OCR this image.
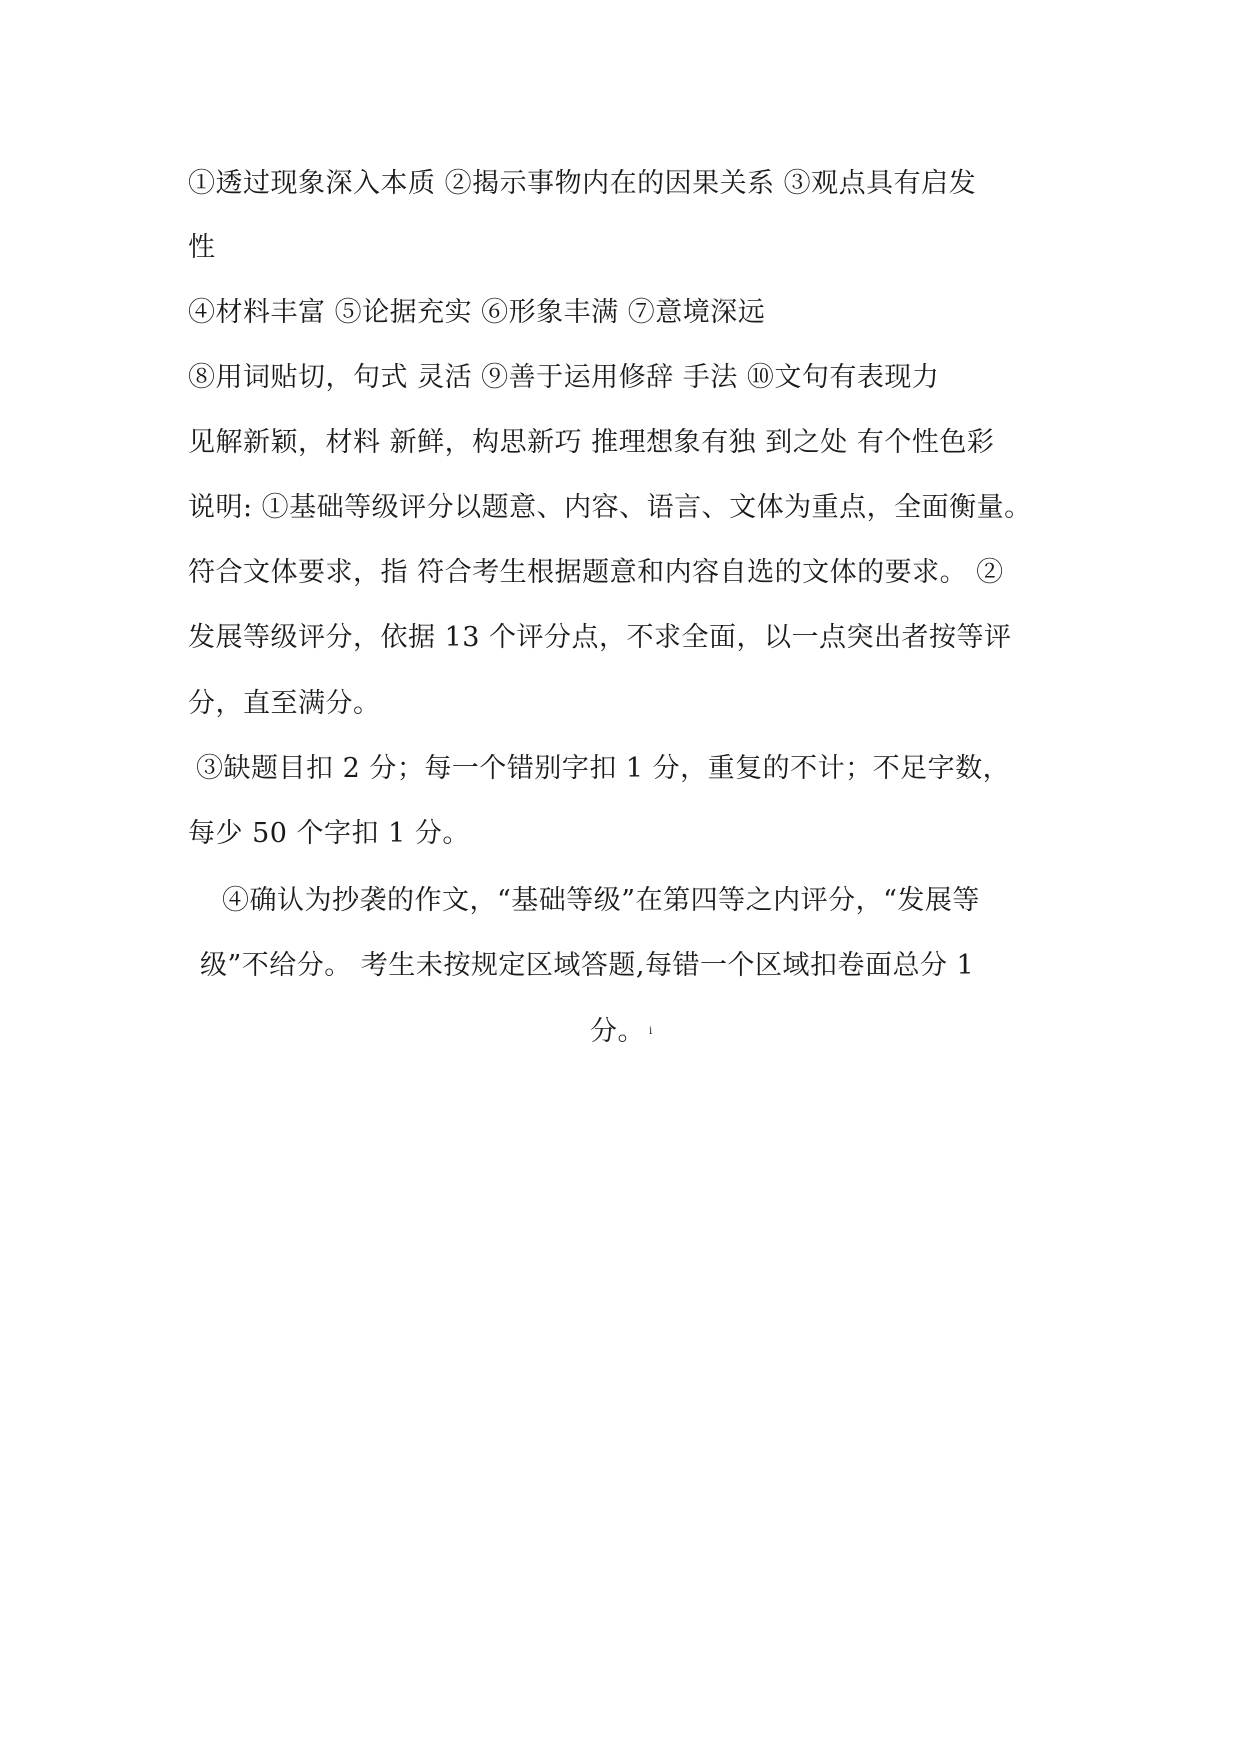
①透过现象深入本质 ②揭示事物内在的因果关系 ③观点具有启发
性
④材料丰富 ⑤论据充实 ⑥形象丰满 ⑦意境深远
⑧用词贴切，句式 灵活 ⑨善于运用修辞 手法 ⑩文句有表现力
见解新颖，材料 新鲜，构思新巧 推理想象有独 到之处 有个性色彩
说明: ①基础等级评分以题意、内容、语言、文体为重点，全面衡量。
符合文体要求，指 符合考生根据题意和内容自选的文体的要求。 ②
发展等级评分，依据 13 个评分点，不求全面，以一点突出者按等评
分，直至满分。
③缺题目扣 2 分；每一个错别字扣 1 分，重复的不计；不足字数，
每少 50 个字扣 1 分。
④确认为抄袭的作文，“基础等级”在第四等之内评分，“发展等
级”不给分。 考生未按规定区域答题,每错一个区域扣卷面总分 1
分。 $^ⅰ$
